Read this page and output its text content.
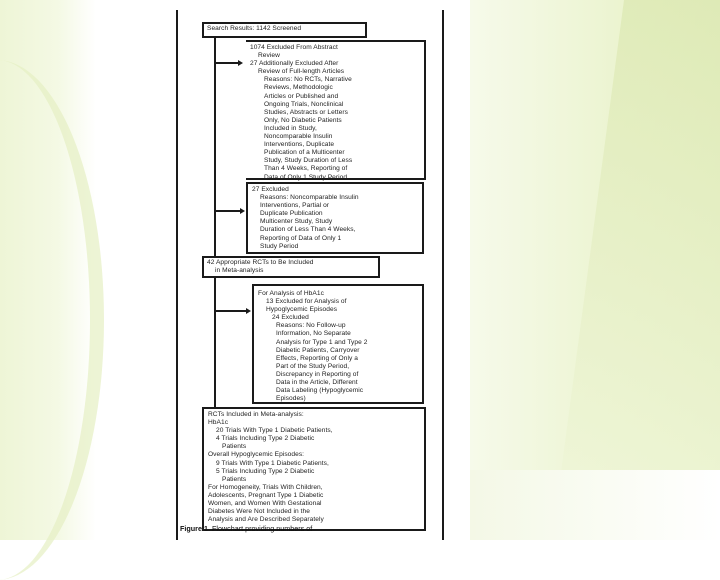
Search Results: 1142 Screened
1074 Excluded From Abstract
Review
27 Additionally Excluded After
Review of Full-length Articles
Reasons: No RCTs, Narrative
Reviews, Methodologic
Articles or Published and
Ongoing Trials, Nonclinical
Studies, Abstracts or Letters
Only, No Diabetic Patients
Included in Study,
Noncomparable Insulin
Interventions, Duplicate
Publication of a Multicenter
Study, Study Duration of Less
Than 4 Weeks, Reporting of
Data of Only 1 Study Period
27 Excluded
Reasons: Noncomparable Insulin
Interventions, Partial or
Duplicate Publication
Multicenter Study, Study
Duration of Less Than 4 Weeks,
Reporting of Data of Only 1
Study Period
42 Appropriate RCTs to Be Included
in Meta-analysis
For Analysis of HbA1c
13 Excluded for Analysis of
Hypoglycemic Episodes
24 Excluded
Reasons: No Follow-up
Information, No Separate
Analysis for Type 1 and Type 2
Diabetic Patients, Carryover
Effects, Reporting of Only a
Part of the Study Period,
Discrepancy in Reporting of
Data in the Article, Different
Data Labeling (Hypoglycemic
Episodes)
RCTs Included in Meta-analysis:
HbA1c
20 Trials With Type 1 Diabetic Patients,
4 Trials Including Type 2 Diabetic
Patients
Overall Hypoglycemic Episodes:
9 Trials With Type 1 Diabetic Patients,
5 Trials Including Type 2 Diabetic
Patients
For Homogeneity, Trials With Children,
Adolescents, Pregnant Type 1 Diabetic
Women, and Women With Gestational
Diabetes Were Not Included in the
Analysis and Are Described Separately
Figure 1. Flowchart providing numbers of
